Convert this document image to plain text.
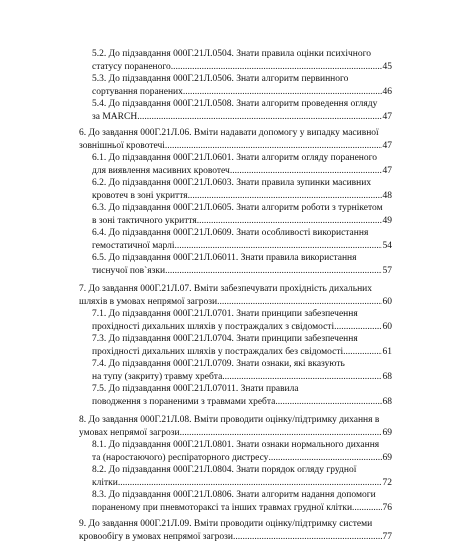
5.2. До підзавдання 000Г.21Л.0504. Знати правила оцінки психічного
статусу пораненого .....	45
5.3. До підзавдання 000Г.21Л.0506. Знати алгоритм первинного
сортування поранених .....	46
5.4. До підзавдання 000Г.21Л.0508. Знати алгоритм проведення огляду
за MARCH .....	47
6. До завдання 000Г.21Л.06. Вміти надавати допомогу у випадку масивної
зовнішньої кровотечі .....	47
6.1. До підзавдання 000Г.21Л.0601. Знати алгоритм огляду пораненого
для виявлення масивних кровотеч .....	47
6.2. До підзавдання 000Г.21Л.0603. Знати правила зупинки масивних
кровотеч в зоні укриття .....	48
6.3. До підзавдання 000Г.21Л.0605. Знати алгоритм роботи з турнікетом
в зоні тактичного укриття .....	49
6.4. До підзавдання 000Г.21Л.0609. Знати особливості використання
гемостатичної марлі .....	54
6.5. До підзавдання 000Г.21Л.06011. Знати правила використання
тиснучої пов`язки .....	57
7. До завдання 000Г.21Л.07. Вміти забезпечувати прохідність дихальних
шляхів в умовах непрямої загрози .....	60
7.1. До підзавдання 000Г.21Л.0701. Знати принципи забезпечення
прохідності дихальних шляхів у постраждалих з свідомості .....	60
7.3. До підзавдання 000Г.21Л.0704. Знати принципи забезпечення
прохідності дихальних шляхів у постраждалих без свідомості .....	61
7.4. До підзавдання 000Г.21Л.0709. Знати ознаки, які вказують
на тупу (закриту) травму хребта .....	68
7.5. До підзавдання 000Г.21Л.07011. Знати правила
поводження з пораненими з травмами хребта .....	68
8. До завдання 000Г.21Л.08. Вміти проводити оцінку/підтримку дихання в
умовах непрямої загрози .....	69
8.1. До підзавдання 000Г.21Л.0801. Знати ознаки нормального дихання
та (наростаючого) респіраторного дистресу .....	69
8.2. До підзавдання 000Г.21Л.0804. Знати порядок огляду грудної
клітки .....	72
8.3. До підзавдання 000Г.21Л.0806. Знати алгоритм надання допомоги
пораненому при пневмотораксі та інших травмах грудної клітки .....	76
9. До завдання 000Г.21Л.09. Вміти проводити оцінку/підтримку системи
кровообігу в умовах непрямої загрози .....	77
